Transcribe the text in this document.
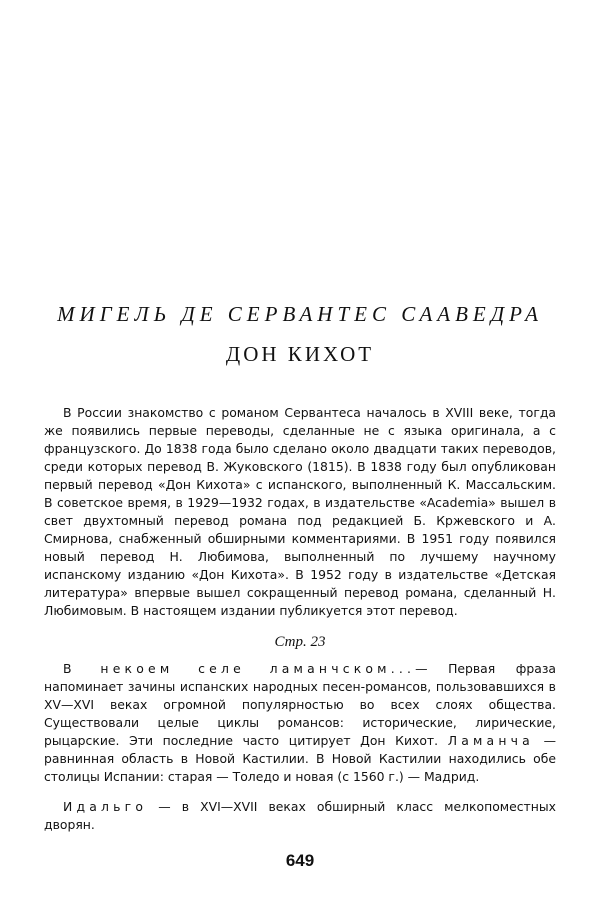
МИГЕЛЬ ДЕ СЕРВАНТЕС СААВЕДРА
ДОН КИХОТ

В России знакомство с романом Сервантеса началось в XVIII веке, тогда же появились первые переводы, сделанные не с языка оригинала, а с французского. До 1838 года было сделано около двадцати таких переводов, среди которых перевод В. Жуковского (1815). В 1838 году был опубликован первый перевод «Дон Кихота» с испанского, выполненный К. Массальским. В советское время, в 1929—1932 годах, в издательстве «Academia» вышел в свет двухтомный перевод романа под редакцией Б. Кржевского и А. Смирнова, снабженный обширными комментариями. В 1951 году появился новый перевод Н. Любимова, выполненный по лучшему научному испанскому изданию «Дон Кихота». В 1952 году в издательстве «Детская литература» впервые вышел сокращенный перевод романа, сделанный Н. Любимовым. В настоящем издании публикуется этот перевод.

Стр. 23

В некоем селе ламанчском...— Первая фраза напоминает зачины испанских народных песен-романсов, пользовавшихся в XV—XVI веках огромной популярностью во всех слоях общества. Существовали целые циклы романсов: исторические, лирические, рыцарские. Эти последние часто цитирует Дон Кихот. Ламанча — равнинная область в Новой Кастилии. В Новой Кастилии находились обе столицы Испании: старая — Толедо и новая (с 1560 г.) — Мадрид.

Идальго — в XVI—XVII веках обширный класс мелкопоместных дворян.

649
